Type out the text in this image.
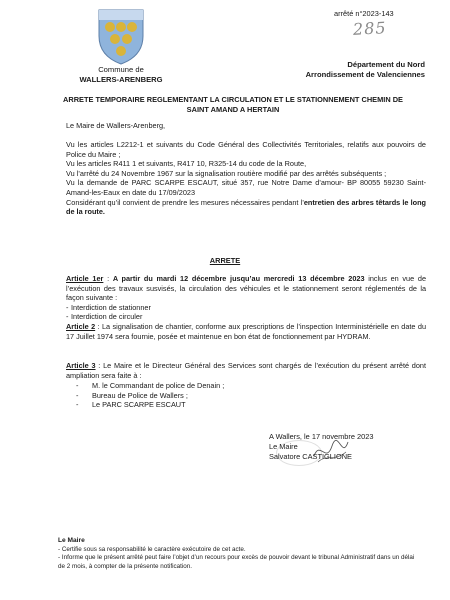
arrêté n°2023-143
285
Commune de
WALLERS-ARENBERG
Département du Nord
Arrondissement de Valenciennes
ARRETE TEMPORAIRE REGLEMENTANT LA CIRCULATION ET LE STATIONNEMENT CHEMIN DE SAINT AMAND A HERTAIN
Le Maire de Wallers-Arenberg,
Vu les articles L2212-1 et suivants du Code Général des Collectivités Territoriales, relatifs aux pouvoirs de Police du Maire ;
Vu les articles R411 1 et suivants, R417 10, R325-14 du code de la Route,
Vu l’arrêté du 24 Novembre 1967 sur la signalisation routière modifié par des arrêtés subséquents ;
Vu la demande de PARC SCARPE ESCAUT, situé 357, rue Notre Dame d’amour- BP 80055 59230 Saint-Amand-les-Eaux en date du 17/09/2023
Considérant qu’il convient de prendre les mesures nécessaires pendant l’entretien des arbres têtards le long de la route.
ARRETE
Article 1er : A partir du mardi 12 décembre jusqu’au mercredi 13 décembre 2023 inclus en vue de l’exécution des travaux susvisés, la circulation des véhicules et le stationnement seront réglementés de la façon suivante :
- Interdiction de stationner
- Interdiction de circuler
Article 2 : La signalisation de chantier, conforme aux prescriptions de l’inspection Interministérielle en date du 17 Juillet 1974 sera fournie, posée et maintenue en bon état de fonctionnement par HYDRAM.
Article 3 : Le Maire et le Directeur Général des Services sont chargés de l’exécution du présent arrêté dont ampliation sera faite à :
- M. le Commandant de police de Denain ;
- Bureau de Police de Wallers ;
- Le PARC SCARPE ESCAUT
A Wallers, le 17 novembre 2023
Le Maire
Salvatore CASTIGLIONE
Le Maire
- Certifie sous sa responsabilité le caractère exécutoire de cet acte.
- Informe que le présent arrêté peut faire l’objet d’un recours pour excès de pouvoir devant le tribunal Administratif dans un délai de 2 mois, à compter de la présente notification.
